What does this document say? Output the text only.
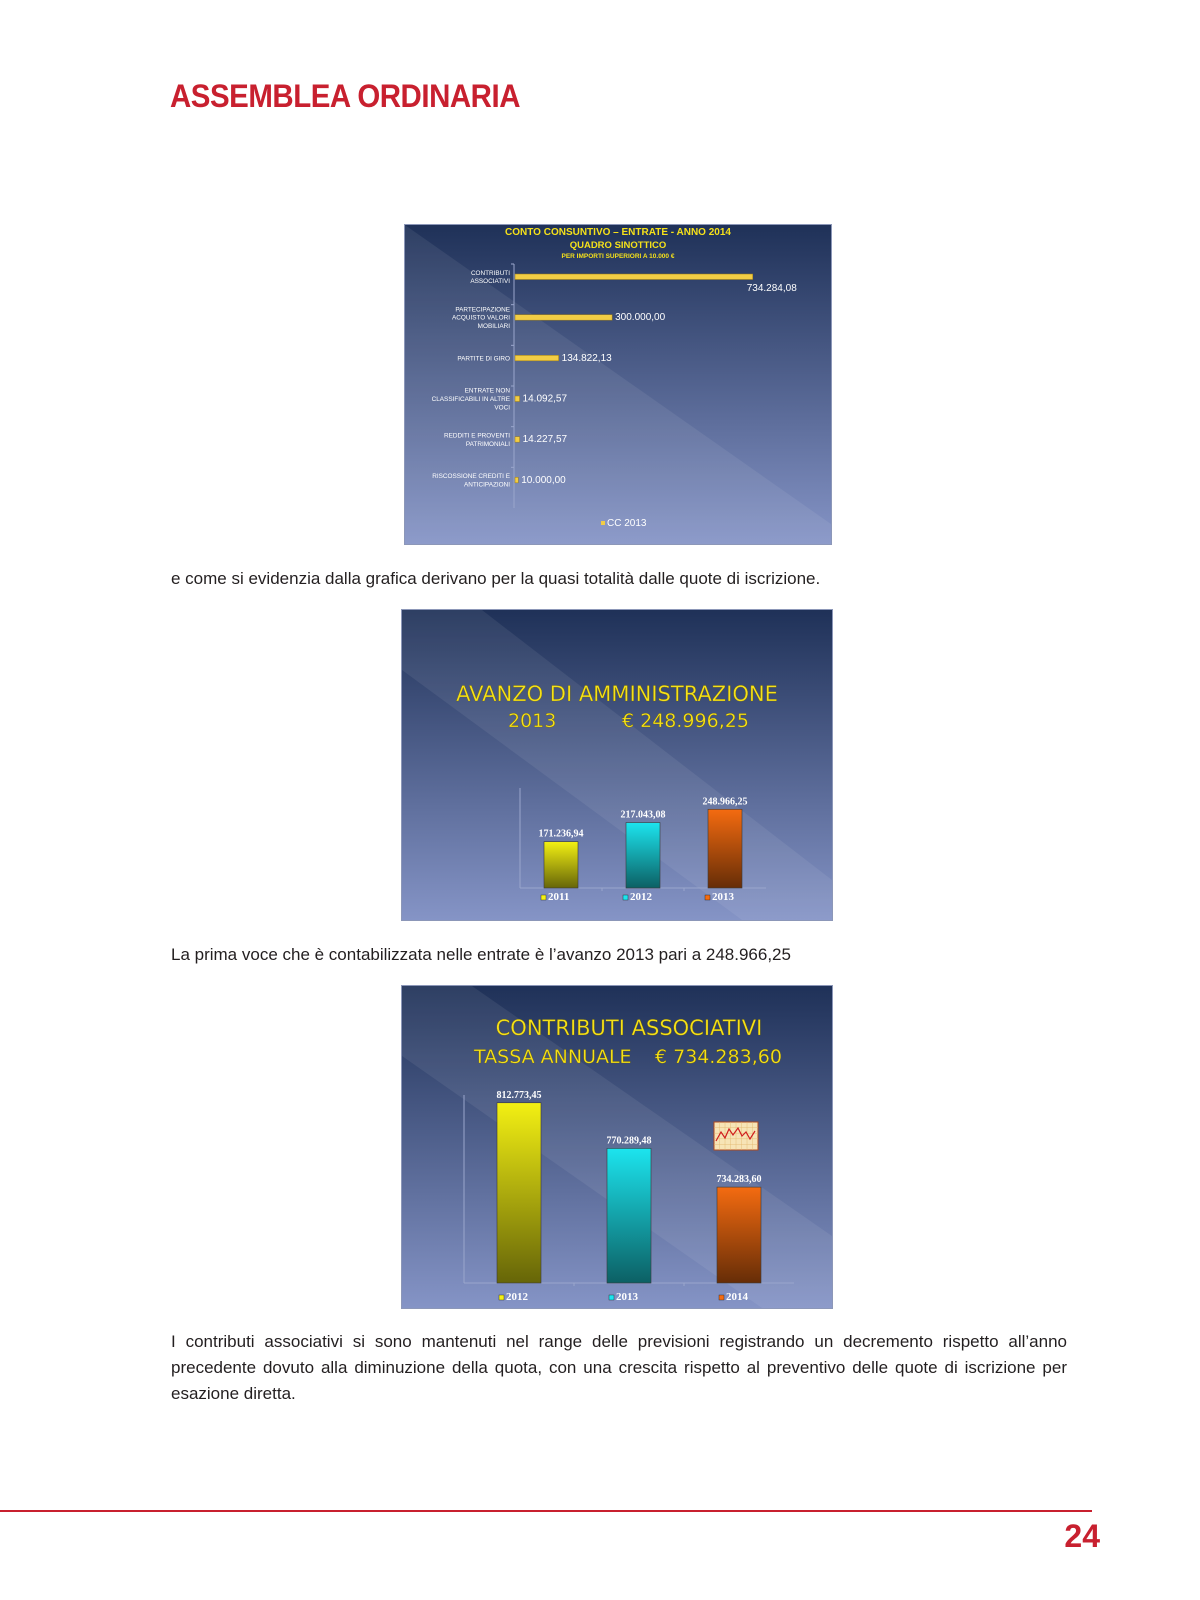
ASSEMBLEA ORDINARIA
CONTO CONSUNTIVO – ENTRATE - ANNO 2014
QUADRO SINOTTICO
PER IMPORTI SUPERIORI A 10.000 €
CONTRIBUTI ASSOCIATIVI
734.284,08
PARTECIPAZIONE ACQUISTO VALORI MOBILIARI
300.000,00
PARTITE DI GIRO	134.822,13
ENTRATE NON CLASSIFICABILI IN ALTRE VOCI
14.092,57
REDDITI E PROVENTI PATRIMONIALI 14.227,57
RISCOSSIONE CREDITI E ANTICIPAZIONI 10.000,00
CC 2013
e come si evidenzia dalla grafica derivano per la quasi totalità dalle quote di iscrizione.
AVANZO DI AMMINISTRAZIONE
2013	€ 248.996,25
171.236,94
2011
217.043,08
2012
248.966,25
2013
La prima voce che è contabilizzata nelle entrate è l’avanzo 2013 pari a 248.966,25
CONTRIBUTI ASSOCIATIVI
TASSA ANNUALE € 734.283,60
812.773,45
2012
770.289,48
2013
734.283,60
2014
I contributi associativi si sono mantenuti nel range delle previsioni registrando un decremento rispetto all’anno precedente dovuto alla diminuzione della quota, con una crescita rispetto al preventivo delle quote di iscrizione per esazione diretta.
24
